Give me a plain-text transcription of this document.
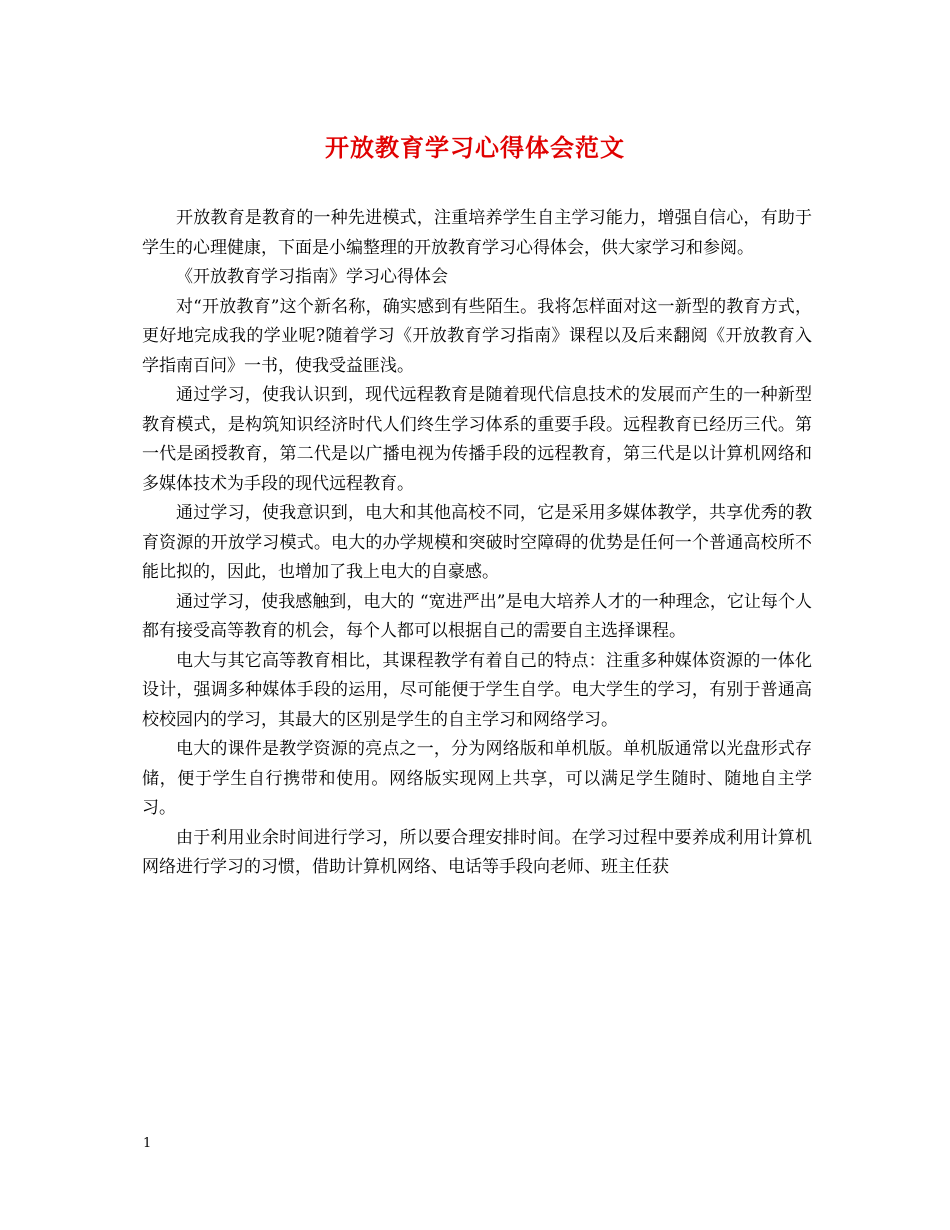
开放教育学习心得体会范文

开放教育是教育的一种先进模式，注重培养学生自主学习能力，增强自信心，有助于学生的心理健康，下面是小编整理的开放教育学习心得体会，供大家学习和参阅。

《开放教育学习指南》学习心得体会

对“开放教育”这个新名称，确实感到有些陌生。我将怎样面对这一新型的教育方式，更好地完成我的学业呢?随着学习《开放教育学习指南》课程以及后来翻阅《开放教育入学指南百问》一书，使我受益匪浅。

通过学习，使我认识到，现代远程教育是随着现代信息技术的发展而产生的一种新型教育模式，是构筑知识经济时代人们终生学习体系的重要手段。远程教育已经历三代。第一代是函授教育，第二代是以广播电视为传播手段的远程教育，第三代是以计算机网络和多媒体技术为手段的现代远程教育。

通过学习，使我意识到，电大和其他高校不同，它是采用多媒体教学，共享优秀的教育资源的开放学习模式。电大的办学规模和突破时空障碍的优势是任何一个普通高校所不能比拟的，因此，也增加了我上电大的自豪感。

通过学习，使我感触到，电大的 “宽进严出”是电大培养人才的一种理念，它让每个人都有接受高等教育的机会，每个人都可以根据自己的需要自主选择课程。

电大与其它高等教育相比，其课程教学有着自己的特点：注重多种媒体资源的一体化设计，强调多种媒体手段的运用，尽可能便于学生自学。电大学生的学习，有别于普通高校校园内的学习，其最大的区别是学生的自主学习和网络学习。

电大的课件是教学资源的亮点之一，分为网络版和单机版。单机版通常以光盘形式存储，便于学生自行携带和使用。网络版实现网上共享，可以满足学生随时、随地自主学习。

由于利用业余时间进行学习，所以要合理安排时间。在学习过程中要养成利用计算机网络进行学习的习惯，借助计算机网络、电话等手段向老师、班主任获

1
